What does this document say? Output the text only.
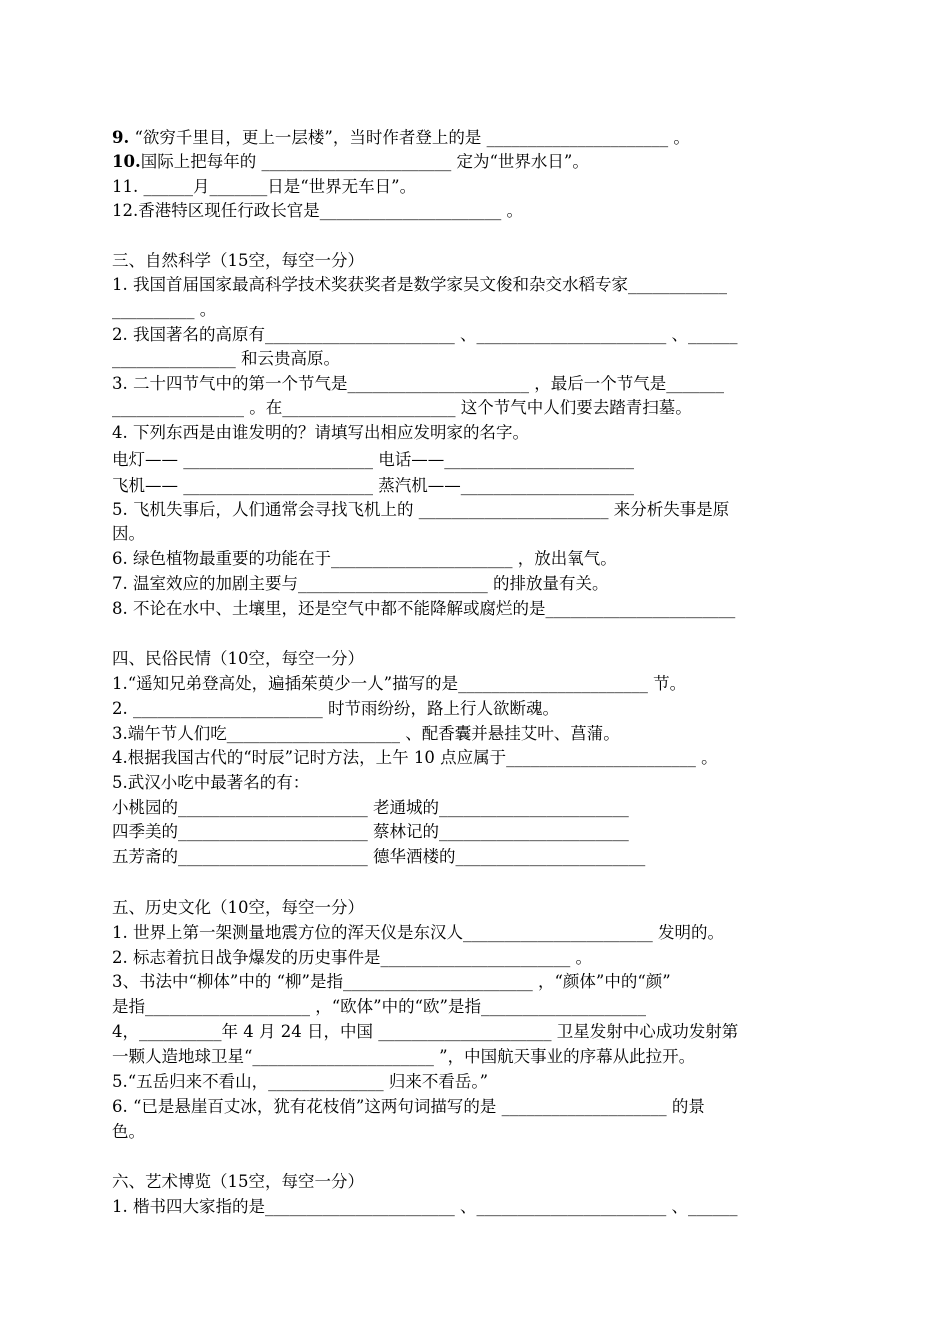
9. “欲穷千里目，更上一层楼”，当时作者登上的是 ______________________ 。
10.国际上把每年的 _______________________ 定为“世界水日”。
11. ______月_______日是“世界无车日”。
12.香港特区现任行政长官是______________________ 。
三、自然科学（15空，每空一分）
1. 我国首届国家最高科学技术奖获奖者是数学家吴文俊和杂交水稻专家____________
__________ 。
2. 我国著名的高原有_______________________ 、_______________________ 、______
_______________ 和云贵高原。
3. 二十四节气中的第一个节气是______________________ ，最后一个节气是_______
________________ 。在_____________________ 这个节气中人们要去踏青扫墓。
4. 下列东西是由谁发明的？请填写出相应发明家的名字。
电灯—— _______________________ 电话——_______________________
飞机—— _______________________ 蒸汽机——_____________________
5. 飞机失事后，人们通常会寻找飞机上的 _______________________ 来分析失事是原
因。
6. 绿色植物最重要的功能在于______________________ ，放出氧气。
7. 温室效应的加剧主要与_______________________ 的排放量有关。
8. 不论在水中、土壤里，还是空气中都不能降解或腐烂的是_______________________
四、民俗民情（10空，每空一分）
1.“遥知兄弟登高处，遍插茱萸少一人”描写的是_______________________ 节。
2. _______________________ 时节雨纷纷，路上行人欲断魂。
3.端午节人们吃_____________________ 、配香囊并悬挂艾叶、菖蒲。
4.根据我国古代的“时辰”记时方法，上午 10 点应属于_______________________ 。
5.武汉小吃中最著名的有：
小桃园的_______________________ 老通城的_______________________
四季美的_______________________ 蔡林记的_______________________
五芳斋的_______________________ 德华酒楼的_______________________
五、历史文化（10空，每空一分）
1. 世界上第一架测量地震方位的浑天仪是东汉人_______________________ 发明的。
2. 标志着抗日战争爆发的历史事件是_______________________ 。
3、书法中“柳体”中的 “柳”是指_______________________ ，“颜体”中的“颜”
是指____________________ ，“欧体”中的“欧”是指____________________
4，__________年 4 月 24 日，中国 _____________________ 卫星发射中心成功发射第
一颗人造地球卫星“______________________ ”，中国航天事业的序幕从此拉开。
5.“五岳归来不看山，______________ 归来不看岳。”
6. “已是悬崖百丈冰，犹有花枝俏”这两句词描写的是 ____________________ 的景
色。
六、艺术博览（15空，每空一分）
1. 楷书四大家指的是_______________________ 、_______________________ 、______
